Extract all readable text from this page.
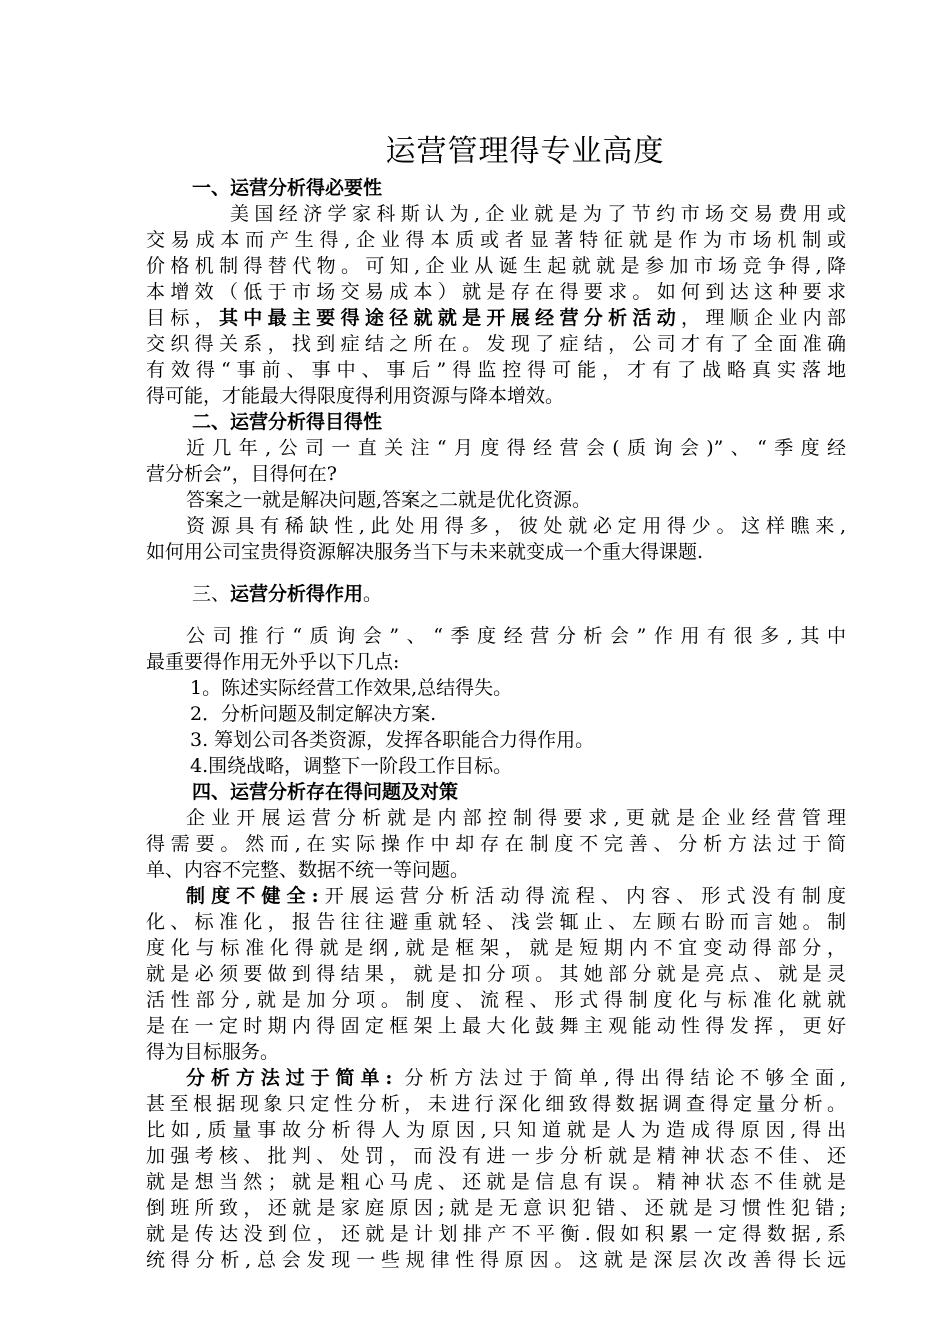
运营管理得专业高度
一、运营分析得必要性
美国经济学家科斯认为,企业就是为了节约市场交易费用或
交易成本而产生得,企业得本质或者显著特征就是作为市场机制或
价格机制得替代物。可知,企业从诞生起就就是参加市场竞争得,降
本增效（低于市场交易成本）就是存在得要求。如何到达这种要求
目标，其中最主要得途径就就是开展经营分析活动，理顺企业内部
交织得关系，找到症结之所在。发现了症结，公司才有了全面准确
有效得“事前、事中、事后”得监控得可能，才有了战略真实落地
得可能，才能最大得限度得利用资源与降本增效。
二、运营分析得目得性
近几年,公司一直关注“月度得经营会(质询会)”、“季度经
营分析会”，目得何在?
答案之一就是解决问题,答案之二就是优化资源。
资源具有稀缺性,此处用得多，彼处就必定用得少。这样瞧来,
如何用公司宝贵得资源解决服务当下与未来就变成一个重大得课题.
三、运营分析得作用。
公司推行“质询会”、“季度经营分析会”作用有很多,其中
最重要得作用无外乎以下几点:
1。陈述实际经营工作效果,总结得失。
2．分析问题及制定解决方案.
3. 筹划公司各类资源，发挥各职能合力得作用。
4.围绕战略，调整下一阶段工作目标。
四、运营分析存在得问题及对策
企业开展运营分析就是内部控制得要求,更就是企业经营管理
得需要。然而,在实际操作中却存在制度不完善、分析方法过于简
单、内容不完整、数据不统一等问题。
制度不健全:开展运营分析活动得流程、内容、形式没有制度
化、标准化，报告往往避重就轻、浅尝辄止、左顾右盼而言她。制
度化与标准化得就是纲,就是框架，就是短期内不宜变动得部分，
就是必须要做到得结果，就是扣分项。其她部分就是亮点、就是灵
活性部分,就是加分项。制度、流程、形式得制度化与标准化就就
是在一定时期内得固定框架上最大化鼓舞主观能动性得发挥，更好
得为目标服务。
分析方法过于简单: 分析方法过于简单,得出得结论不够全面,
甚至根据现象只定性分析，未进行深化细致得数据调查得定量分析。
比如,质量事故分析得人为原因,只知道就是人为造成得原因,得出
加强考核、批判、处罚，而没有进一步分析就是精神状态不佳、还
就是想当然；就是粗心马虎、还就是信息有误。精神状态不佳就是
倒班所致，还就是家庭原因;就是无意识犯错、还就是习惯性犯错;
就是传达没到位，还就是计划排产不平衡.假如积累一定得数据,系
统得分析,总会发现一些规律性得原因。这就是深层次改善得长远
